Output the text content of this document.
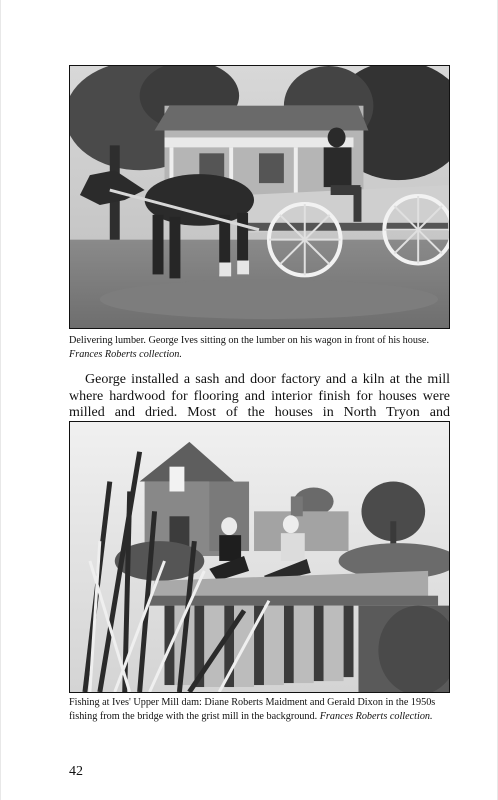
Delivering lumber. George Ives sitting on the lumber on his wagon in front of his house. Frances Roberts collection.
George installed a sash and door factory and a kiln at the mill where hardwood for flooring and interior finish for houses were milled and dried. Most of the houses in North Tryon and
Fishing at Ives' Upper Mill dam: Diane Roberts Maidment and Gerald Dixon in the 1950s fishing from the bridge with the grist mill in the background. Frances Roberts collection.
42
